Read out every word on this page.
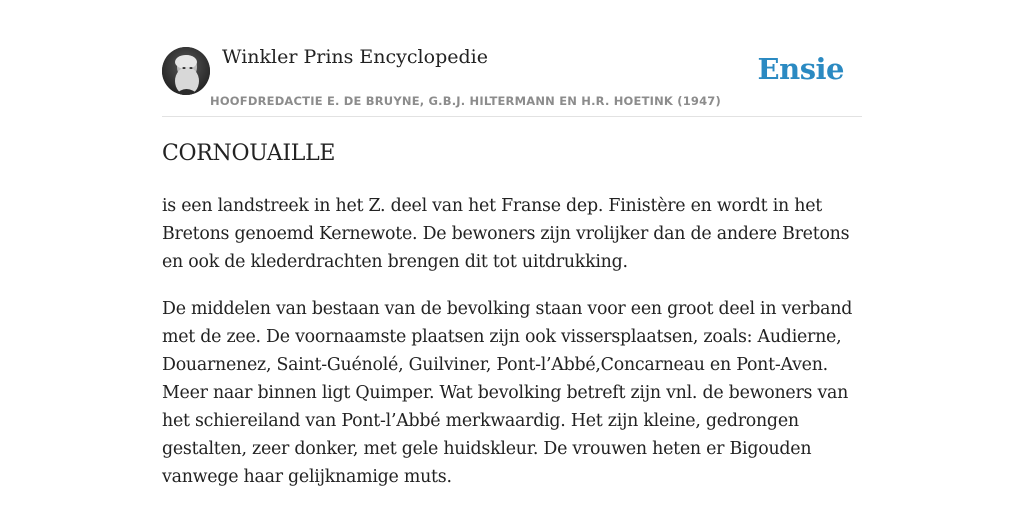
Winkler Prins Encyclopedie
HOOFDREDACTIE E. DE BRUYNE, G.B.J. HILTERMANN EN H.R. HOETINK (1947)
Ensie
CORNOUAILLE

is een landstreek in het Z. deel van het Franse dep. Finistère en wordt in het Bretons genoemd Kernewote. De bewoners zijn vrolijker dan de andere Bretons en ook de klederdrachten brengen dit tot uitdrukking.

De middelen van bestaan van de bevolking staan voor een groot deel in verband met de zee. De voornaamste plaatsen zijn ook vissersplaatsen, zoals: Audierne, Douarnenez, Saint-Guénolé, Guilviner, Pont-l’Abbé,Concarneau en Pont-Aven. Meer naar binnen ligt Quimper. Wat bevolking betreft zijn vnl. de bewoners van het schiereiland van Pont-l’Abbé merkwaardig. Het zijn kleine, gedrongen gestalten, zeer donker, met gele huidskleur. De vrouwen heten er Bigouden vanwege haar gelijknamige muts.
